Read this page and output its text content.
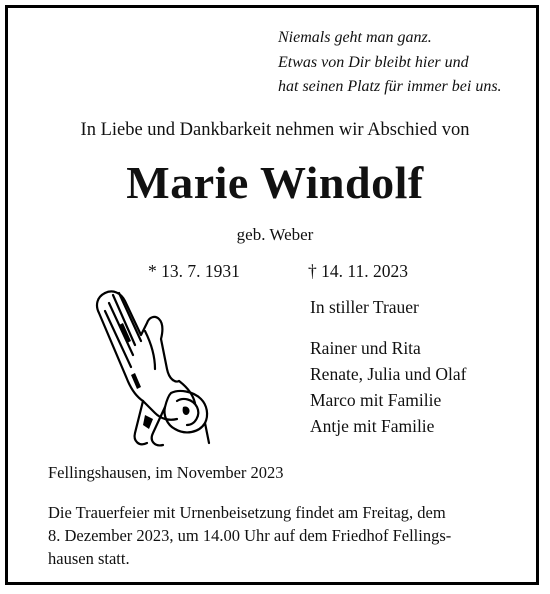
Niemals geht man ganz.
Etwas von Dir bleibt hier und
hat seinen Platz für immer bei uns.
In Liebe und Dankbarkeit nehmen wir Abschied von
Marie Windolf
geb. Weber
* 13. 7. 1931	† 14. 11. 2023
In stiller Trauer
Rainer und Rita
Renate, Julia und Olaf
Marco mit Familie
Antje mit Familie
Fellingshausen, im November 2023
Die Trauerfeier mit Urnenbeisetzung findet am Freitag, dem
8. Dezember 2023, um 14.00 Uhr auf dem Friedhof Fellings-
hausen statt.
